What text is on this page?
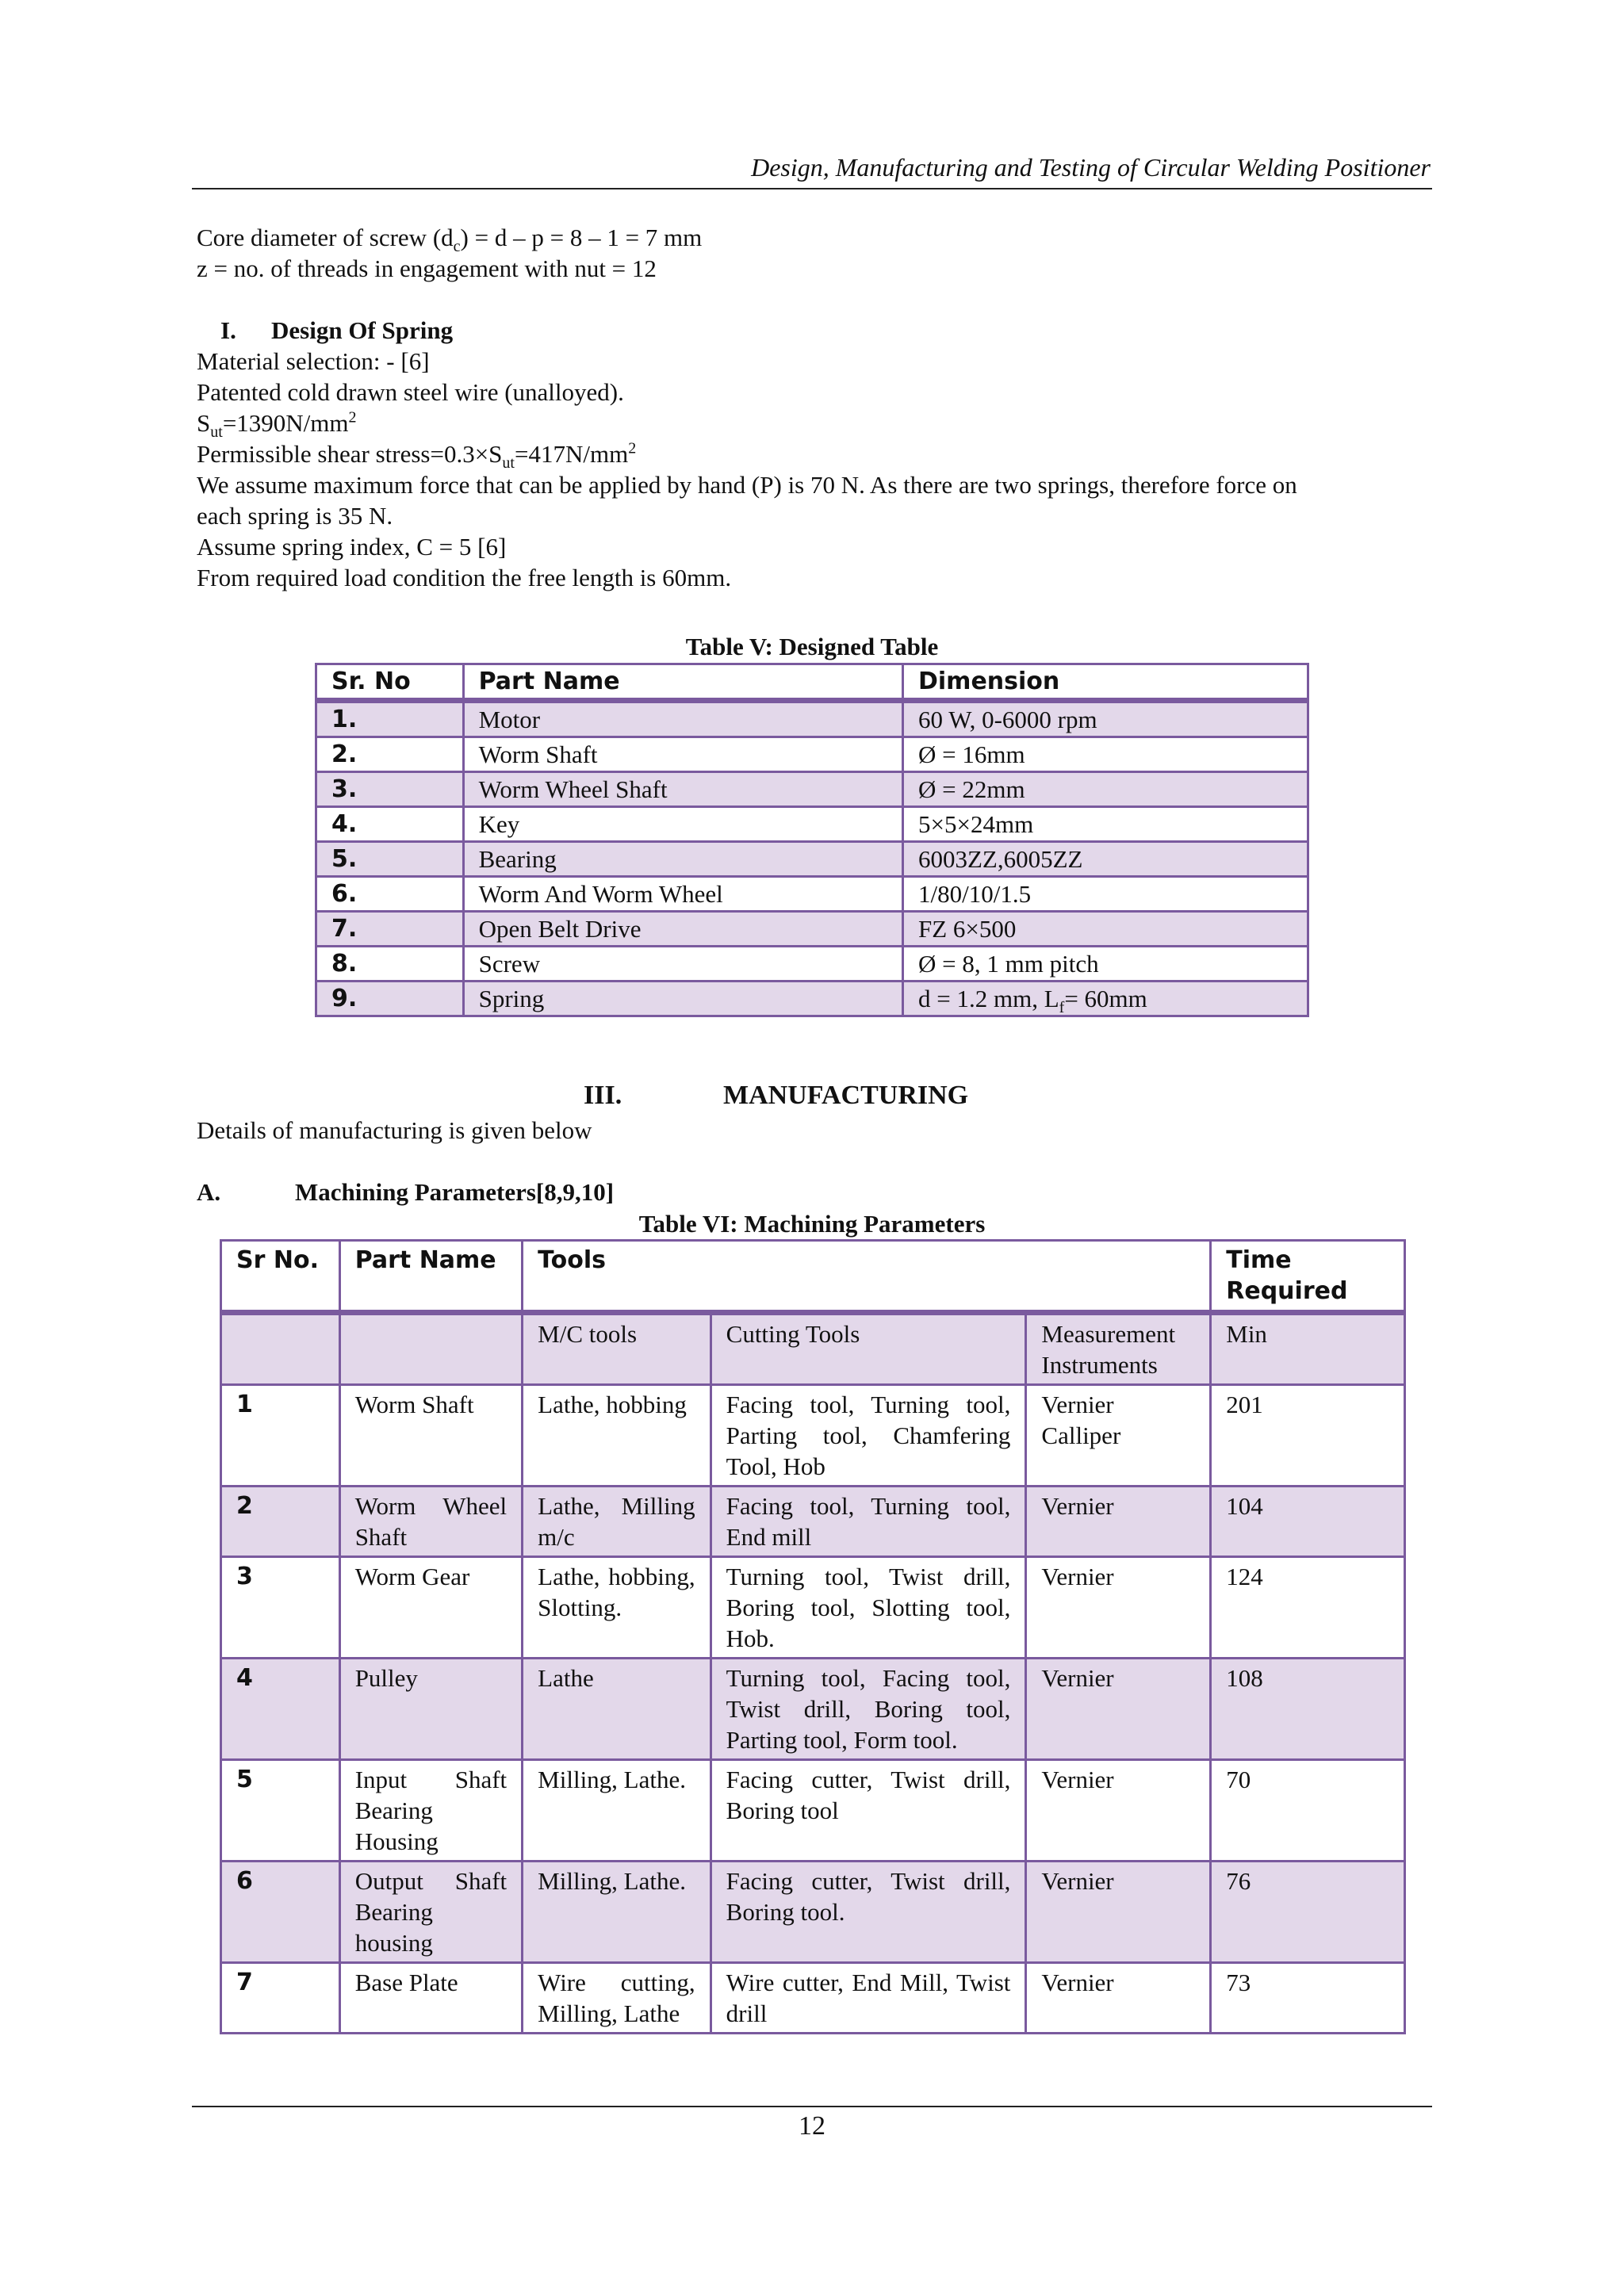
Design, Manufacturing and Testing of Circular Welding Positioner
Core diameter of screw $(d_c) = d - p = 8 - 1 = 7$ mm
z = no. of threads in engagement with nut = 12
I. Design Of Spring
Material selection: - [6]
Patented cold drawn steel wire (unalloyed).
$S_{ut}=1390N/mm^2$
Permissible shear $stress=0.3\times S_{ut}=417N/mm^2$
We assume maximum force that can be applied by hand (P) is 70 N. As there are two springs, therefore force on
each spring is 35 N.
Assume spring index, C = 5 [6]
From required load condition the free length is 60mm.
Table V: Designed Table
Sr. No	Part Name	Dimension
1.	Motor	60 W, 0-6000 rpm
2.	Worm Shaft	Ø = 16mm
3.	Worm Wheel Shaft	Ø = 22mm
4.	Key	5×5×24mm
5.	Bearing	6003ZZ,6005ZZ
6.	Worm And Worm Wheel	1/80/10/1.5
7.	Open Belt Drive	FZ 6×500
8.	Screw	Ø = 8, 1 mm pitch
9.	Spring	d = 1.2 mm, $L_f= 60mm$
III.	MANUFACTURING
Details of manufacturing is given below
A.	Machining Parameters[8,9,10]
Table VI: Machining Parameters
Sr No.	Part Name	Tools			Time Required
		M/C tools	Cutting Tools	Measurement Instruments	Min
1	Worm Shaft	Lathe, hobbing	Facing tool, Turning tool, Parting tool, Chamfering Tool, Hob	Vernier Calliper	201
2	Worm Wheel Shaft	Lathe, Milling m/c	Facing tool, Turning tool, End mill	Vernier	104
3	Worm Gear	Lathe, hobbing, Slotting.	Turning tool, Twist drill, Boring tool, Slotting tool, Hob.	Vernier	124
4	Pulley	Lathe	Turning tool, Facing tool, Twist drill, Boring tool, Parting tool, Form tool.	Vernier	108
5	Input Shaft Bearing Housing	Milling, Lathe.	Facing cutter, Twist drill, Boring tool	Vernier	70
6	Output Shaft Bearing housing	Milling, Lathe.	Facing cutter, Twist drill, Boring tool.	Vernier	76
7	Base Plate	Wire cutting, Milling, Lathe	Wire cutter, End Mill, Twist drill	Vernier	73
12
